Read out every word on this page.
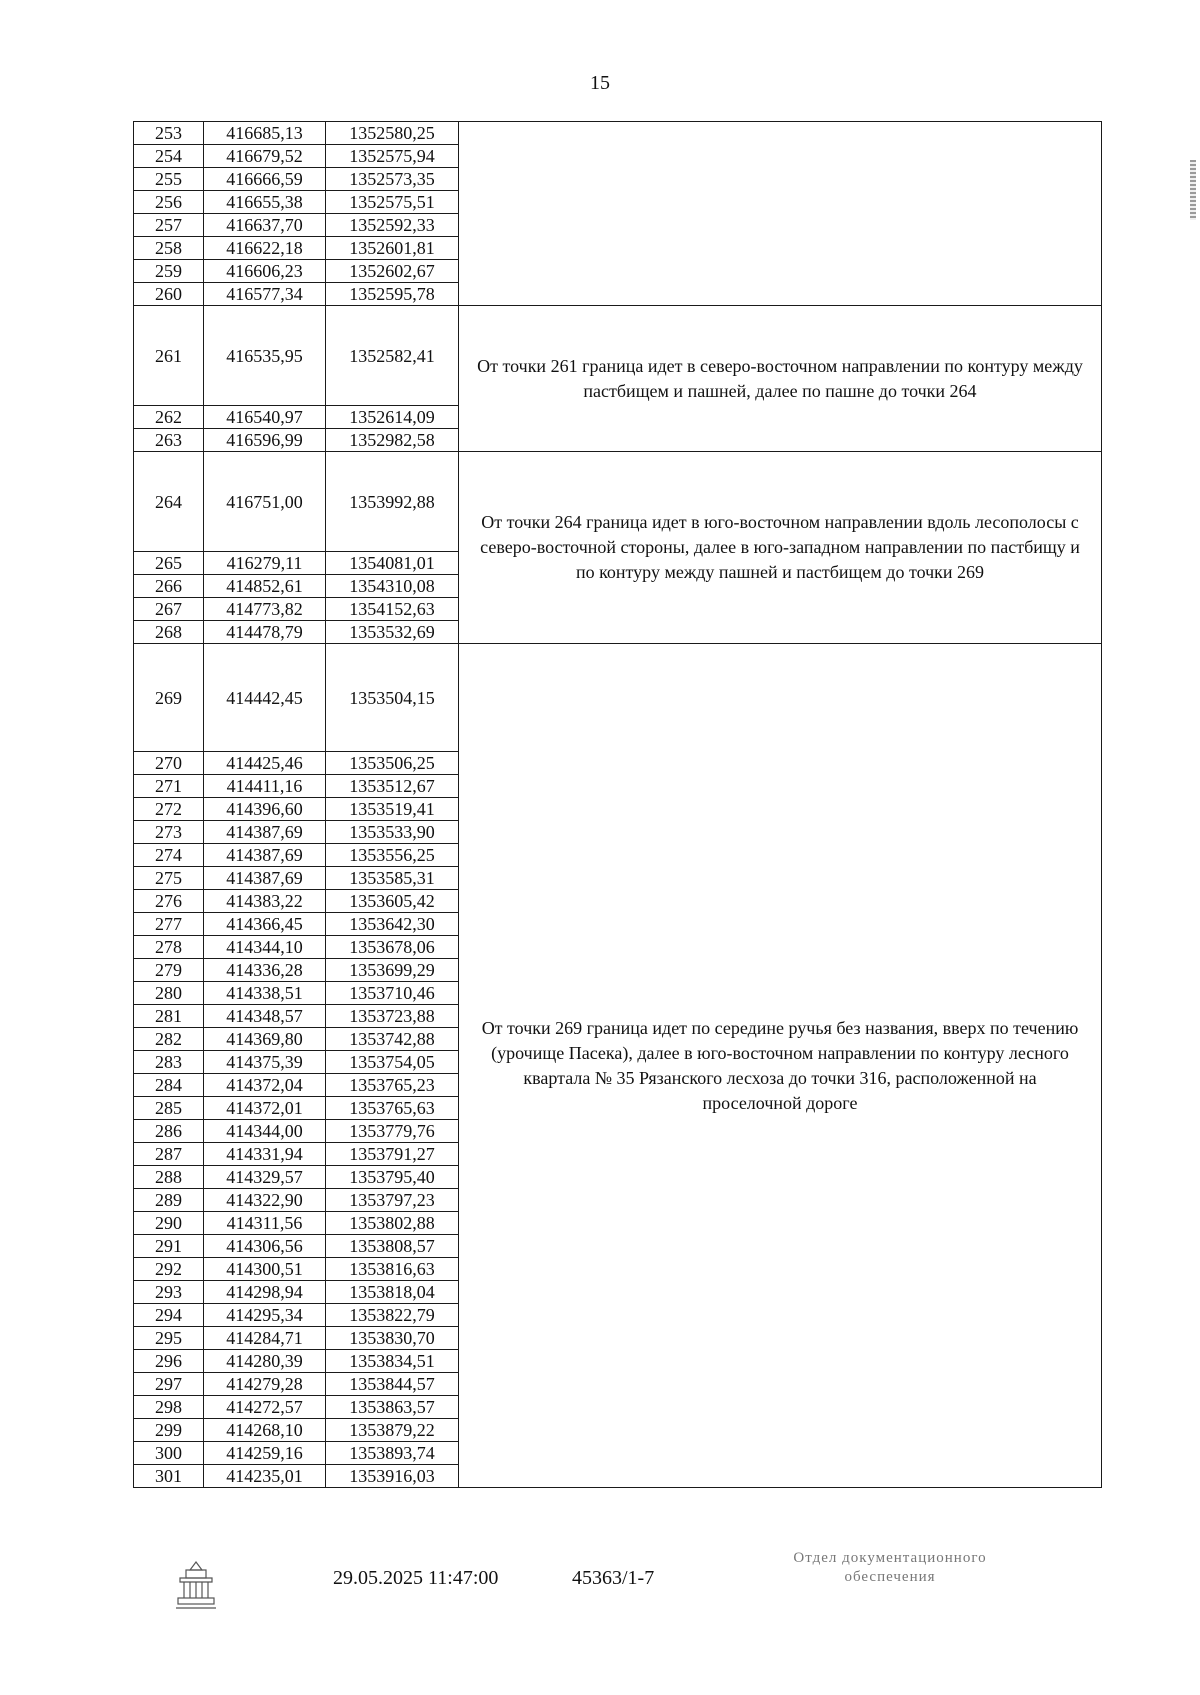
15
253	416685,13	1352580,25	
254	416679,52	1352575,94	
255	416666,59	1352573,35	
256	416655,38	1352575,51	
257	416637,70	1352592,33	
258	416622,18	1352601,81	
259	416606,23	1352602,67	
260	416577,34	1352595,78	
261	416535,95	1352582,41	От точки 261 граница идет в северо-восточном направлении по контуру между пастбищем и пашней, далее по пашне до точки 264
262	416540,97	1352614,09	
263	416596,99	1352982,58	
264	416751,00	1353992,88	От точки 264 граница идет в юго-восточном направлении вдоль лесополосы с северо-восточной стороны, далее в юго-западном направлении по пастбищу и по контуру между пашней и пастбищем до точки 269
265	416279,11	1354081,01	
266	414852,61	1354310,08	
267	414773,82	1354152,63	
268	414478,79	1353532,69	
269	414442,45	1353504,15	От точки 269 граница идет по середине ручья без названия, вверх по течению (урочище Пасека), далее в юго-восточном направлении по контуру лесного квартала № 35 Рязанского лесхоза до точки 316, расположенной на проселочной дороге
270	414425,46	1353506,25	
271	414411,16	1353512,67	
272	414396,60	1353519,41	
273	414387,69	1353533,90	
274	414387,69	1353556,25	
275	414387,69	1353585,31	
276	414383,22	1353605,42	
277	414366,45	1353642,30	
278	414344,10	1353678,06	
279	414336,28	1353699,29	
280	414338,51	1353710,46	
281	414348,57	1353723,88	
282	414369,80	1353742,88	
283	414375,39	1353754,05	
284	414372,04	1353765,23	
285	414372,01	1353765,63	
286	414344,00	1353779,76	
287	414331,94	1353791,27	
288	414329,57	1353795,40	
289	414322,90	1353797,23	
290	414311,56	1353802,88	
291	414306,56	1353808,57	
292	414300,51	1353816,63	
293	414298,94	1353818,04	
294	414295,34	1353822,79	
295	414284,71	1353830,70	
296	414280,39	1353834,51	
297	414279,28	1353844,57	
298	414272,57	1353863,57	
299	414268,10	1353879,22	
300	414259,16	1353893,74	
301	414235,01	1353916,03	
29.05.2025 11:47:00	45363/1-7
Отдел документационного
обеспечения
